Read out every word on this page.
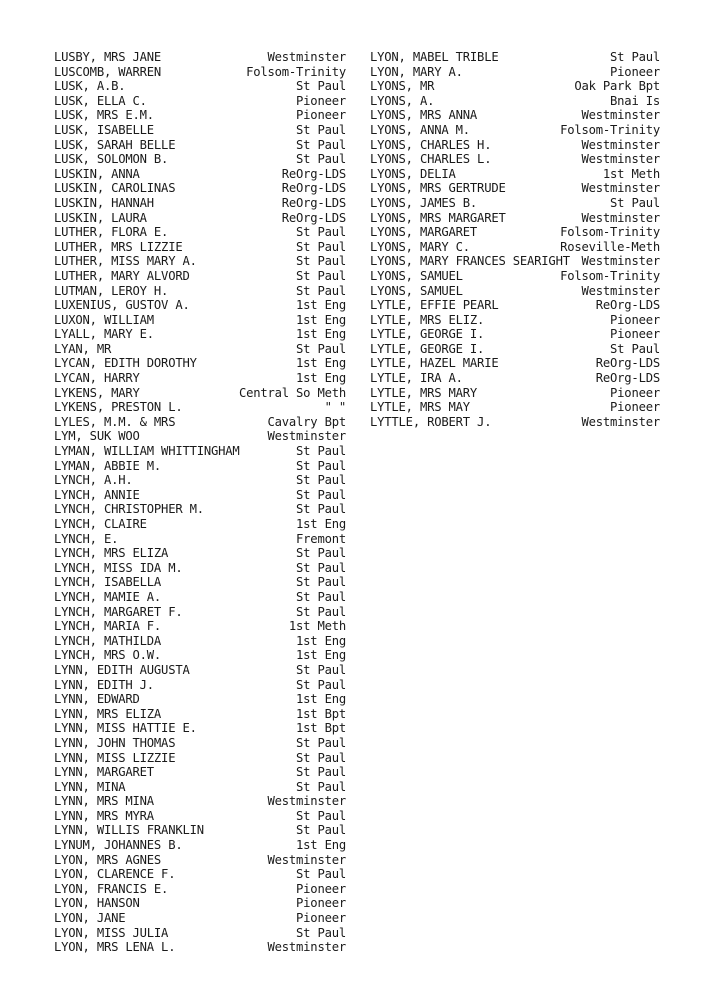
LUSBY, MRS JANE	Westminster
LUSCOMB, WARREN	Folsom-Trinity
LUSK, A.B.	St Paul
LUSK, ELLA C.	Pioneer
LUSK, MRS E.M.	Pioneer
LUSK, ISABELLE	St Paul
LUSK, SARAH BELLE	St Paul
LUSK, SOLOMON B.	St Paul
LUSKIN, ANNA	ReOrg-LDS
LUSKIN, CAROLINAS	ReOrg-LDS
LUSKIN, HANNAH	ReOrg-LDS
LUSKIN, LAURA	ReOrg-LDS
LUTHER, FLORA E.	St Paul
LUTHER, MRS LIZZIE	St Paul
LUTHER, MISS MARY A.	St Paul
LUTHER, MARY ALVORD	St Paul
LUTMAN, LEROY H.	St Paul
LUXENIUS, GUSTOV A.	1st Eng
LUXON, WILLIAM	1st Eng
LYALL, MARY E.	1st Eng
LYAN, MR	St Paul
LYCAN, EDITH DOROTHY	1st Eng
LYCAN, HARRY	1st Eng
LYKENS, MARY	Central So Meth
LYKENS, PRESTON L.	" "
LYLES, M.M. & MRS	Cavalry Bpt
LYM, SUK WOO	Westminster
LYMAN, WILLIAM WHITTINGHAM	St Paul
LYMAN, ABBIE M.	St Paul
LYNCH, A.H.	St Paul
LYNCH, ANNIE	St Paul
LYNCH, CHRISTOPHER M.	St Paul
LYNCH, CLAIRE	1st Eng
LYNCH, E.	Fremont
LYNCH, MRS ELIZA	St Paul
LYNCH, MISS IDA M.	St Paul
LYNCH, ISABELLA	St Paul
LYNCH, MAMIE A.	St Paul
LYNCH, MARGARET F.	St Paul
LYNCH, MARIA F.	1st Meth
LYNCH, MATHILDA	1st Eng
LYNCH, MRS O.W.	1st Eng
LYNN, EDITH AUGUSTA	St Paul
LYNN, EDITH J.	St Paul
LYNN, EDWARD	1st Eng
LYNN, MRS ELIZA	1st Bpt
LYNN, MISS HATTIE E.	1st Bpt
LYNN, JOHN THOMAS	St Paul
LYNN, MISS LIZZIE	St Paul
LYNN, MARGARET	St Paul
LYNN, MINA	St Paul
LYNN, MRS MINA	Westminster
LYNN, MRS MYRA	St Paul
LYNN, WILLIS FRANKLIN	St Paul
LYNUM, JOHANNES B.	1st Eng
LYON, MRS AGNES	Westminster
LYON, CLARENCE F.	St Paul
LYON, FRANCIS E.	Pioneer
LYON, HANSON	Pioneer
LYON, JANE	Pioneer
LYON, MISS JULIA	St Paul
LYON, MRS LENA L.	Westminster
LYON, MABEL TRIBLE	St Paul
LYON, MARY A.	Pioneer
LYONS, MR	Oak Park Bpt
LYONS, A.	Bnai Is
LYONS, MRS ANNA	Westminster
LYONS, ANNA M.	Folsom-Trinity
LYONS, CHARLES H.	Westminster
LYONS, CHARLES L.	Westminster
LYONS, DELIA	1st Meth
LYONS, MRS GERTRUDE	Westminster
LYONS, JAMES B.	St Paul
LYONS, MRS MARGARET	Westminster
LYONS, MARGARET	Folsom-Trinity
LYONS, MARY C.	Roseville-Meth
LYONS, MARY FRANCES SEARIGHT Westminster
LYONS, SAMUEL	Folsom-Trinity
LYONS, SAMUEL	Westminster
LYTLE, EFFIE PEARL	ReOrg-LDS
LYTLE, MRS ELIZ.	Pioneer
LYTLE, GEORGE I.	Pioneer
LYTLE, GEORGE I.	St Paul
LYTLE, HAZEL MARIE	ReOrg-LDS
LYTLE, IRA A.	ReOrg-LDS
LYTLE, MRS MARY	Pioneer
LYTLE, MRS MAY	Pioneer
LYTTLE, ROBERT J.	Westminster
